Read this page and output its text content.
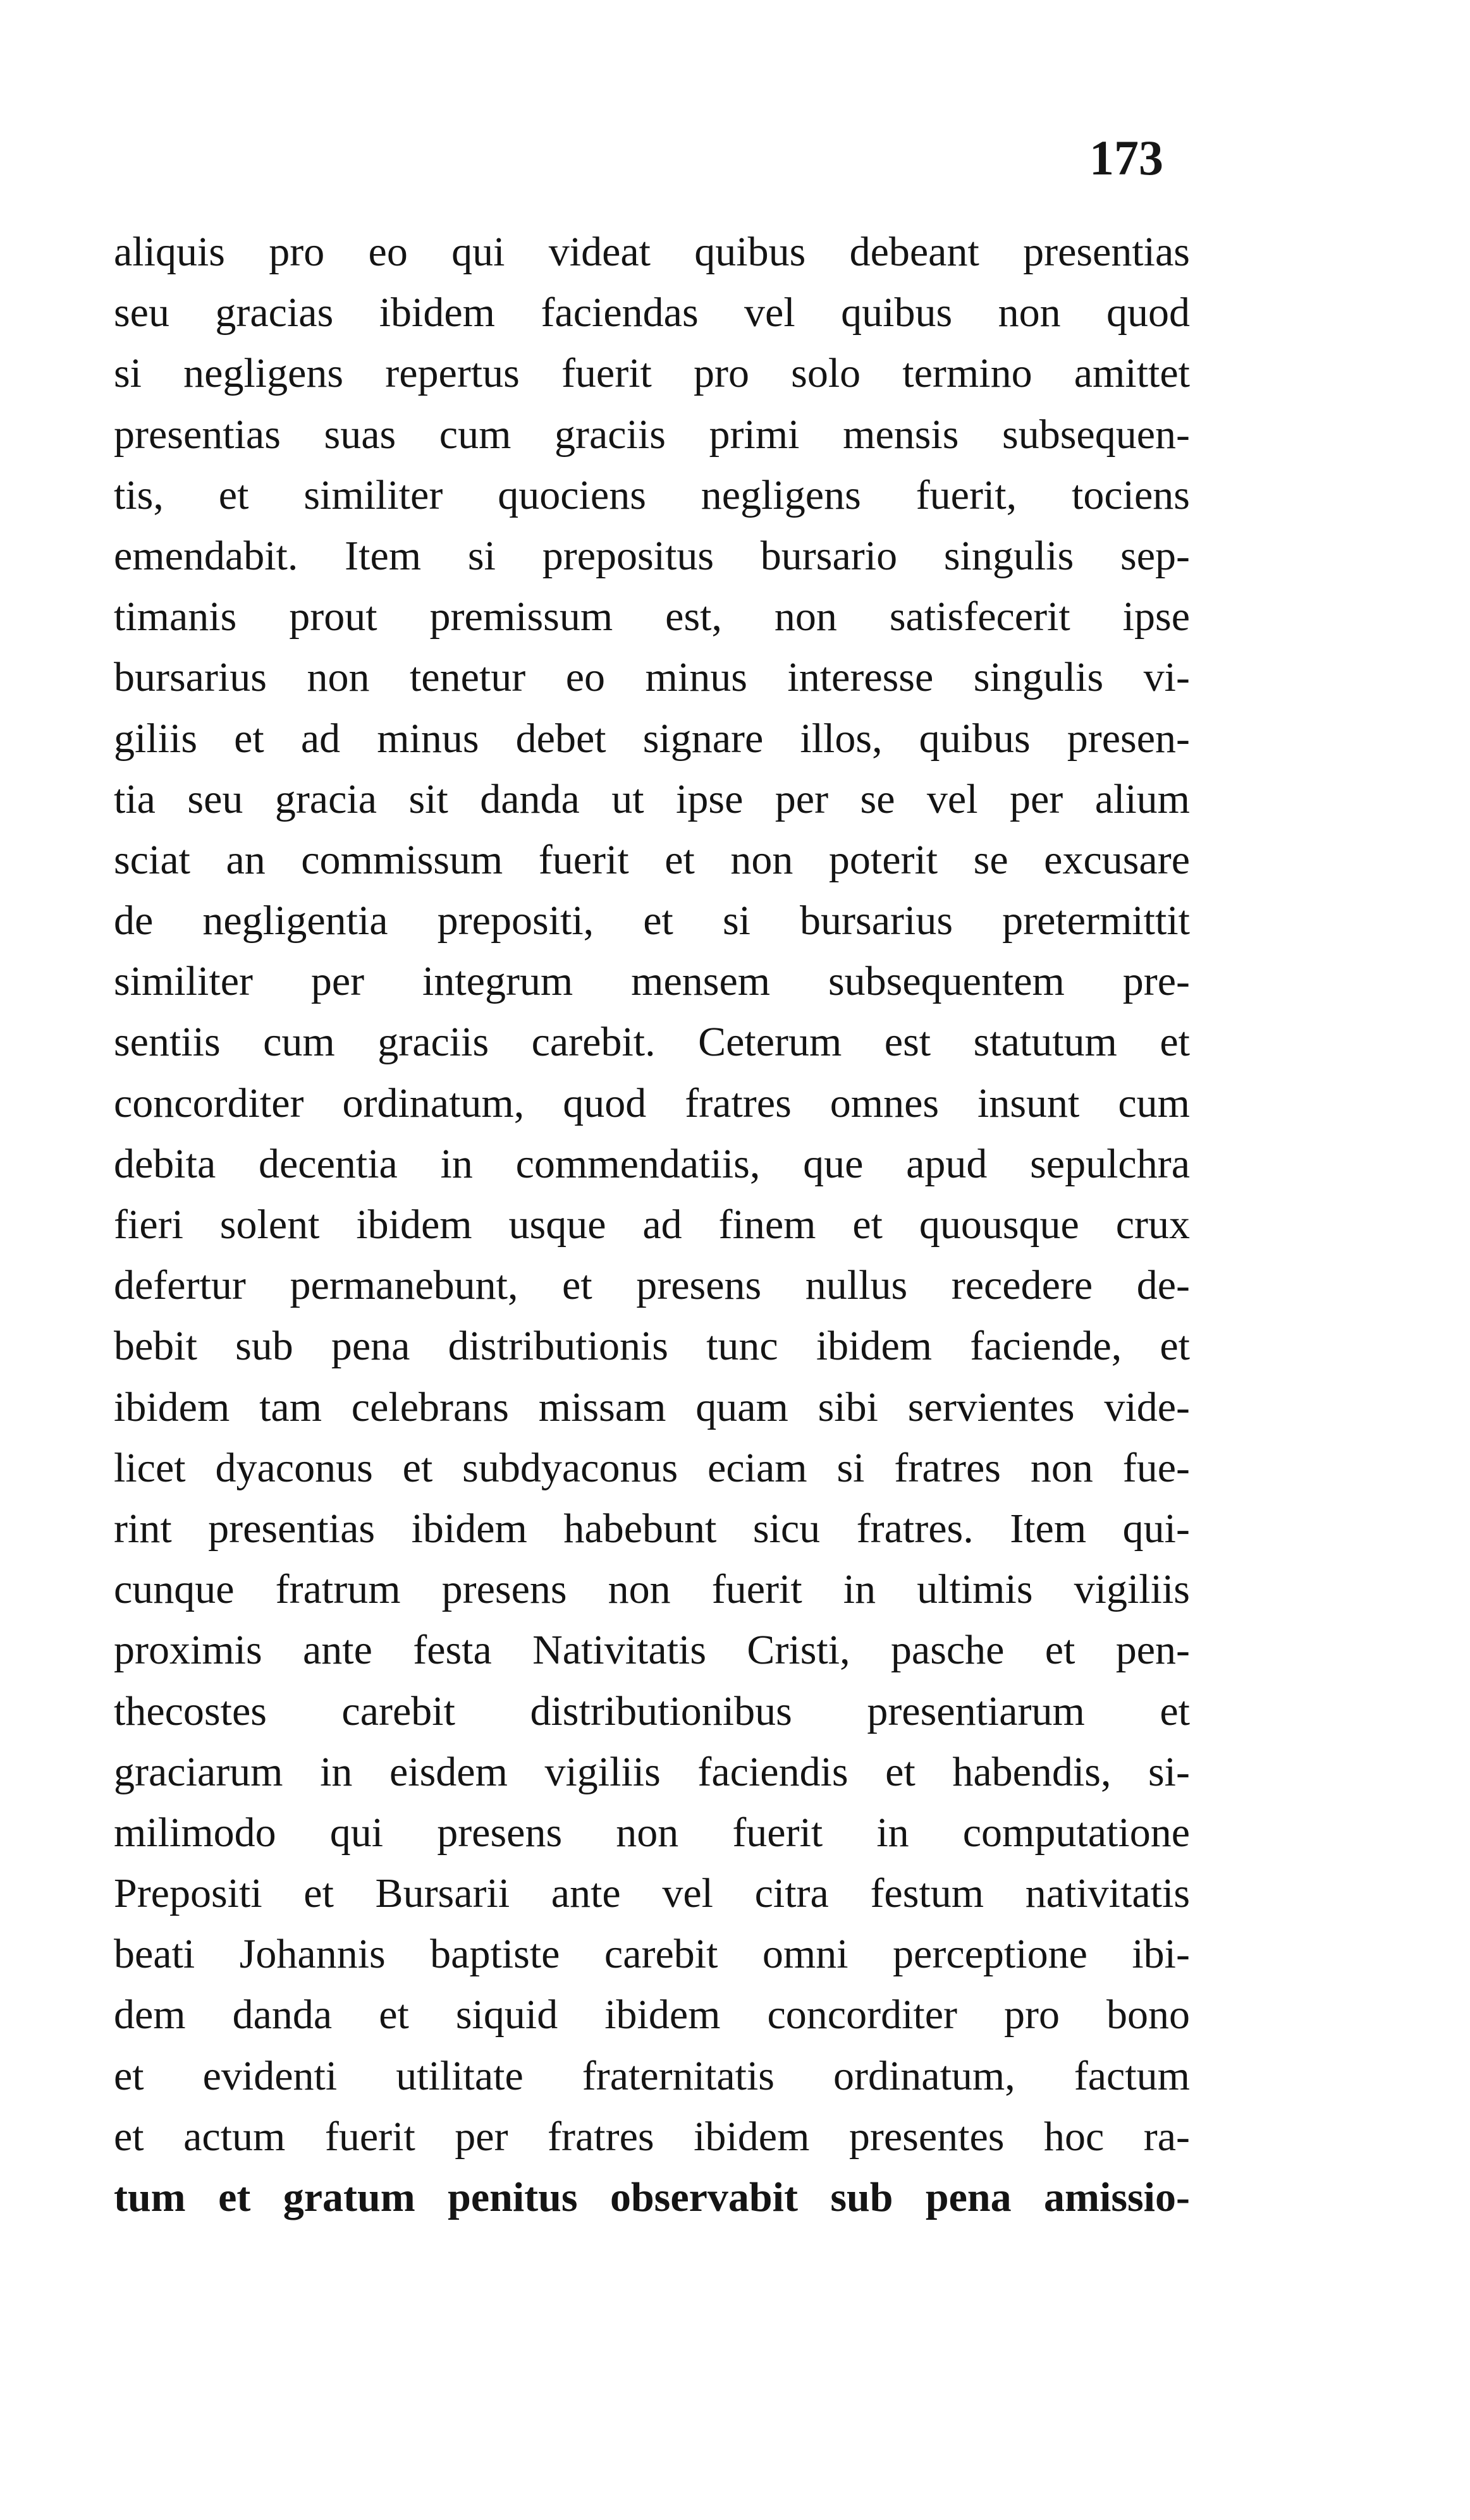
173
aliquis pro eo qui videat quibus debeant presentias
seu gracias ibidem faciendas vel quibus non quod
si negligens repertus fuerit pro solo termino amittet
presentias suas cum graciis primi mensis subsequen-
tis, et similiter quociens negligens fuerit, tociens
emendabit. Item si prepositus bursario singulis sep-
timanis prout premissum est, non satisfecerit ipse
bursarius non tenetur eo minus interesse singulis vi-
giliis et ad minus debet signare illos, quibus presen-
tia seu gracia sit danda ut ipse per se vel per alium
sciat an commissum fuerit et non poterit se excusare
de negligentia prepositi, et si bursarius pretermittit
similiter per integrum mensem subsequentem pre-
sentiis cum graciis carebit. Ceterum est statutum et
concorditer ordinatum, quod fratres omnes insunt cum
debita decentia in commendatiis, que apud sepulchra
fieri solent ibidem usque ad finem et quousque crux
defertur permanebunt, et presens nullus recedere de-
bebit sub pena distributionis tunc ibidem faciende, et
ibidem tam celebrans missam quam sibi servientes vide-
licet dyaconus et subdyaconus eciam si fratres non fue-
rint presentias ibidem habebunt sicu fratres. Item qui-
cunque fratrum presens non fuerit in ultimis vigiliis
proximis ante festa Nativitatis Cristi, pasche et pen-
thecostes carebit distributionibus presentiarum et
graciarum in eisdem vigiliis faciendis et habendis, si-
milimodo qui presens non fuerit in computatione
Prepositi et Bursarii ante vel citra festum nativitatis
beati Johannis baptiste carebit omni perceptione ibi-
dem danda et siquid ibidem concorditer pro bono
et evidenti utilitate fraternitatis ordinatum, factum
et actum fuerit per fratres ibidem presentes hoc ra-
tum et gratum penitus observabit sub pena amissio-
